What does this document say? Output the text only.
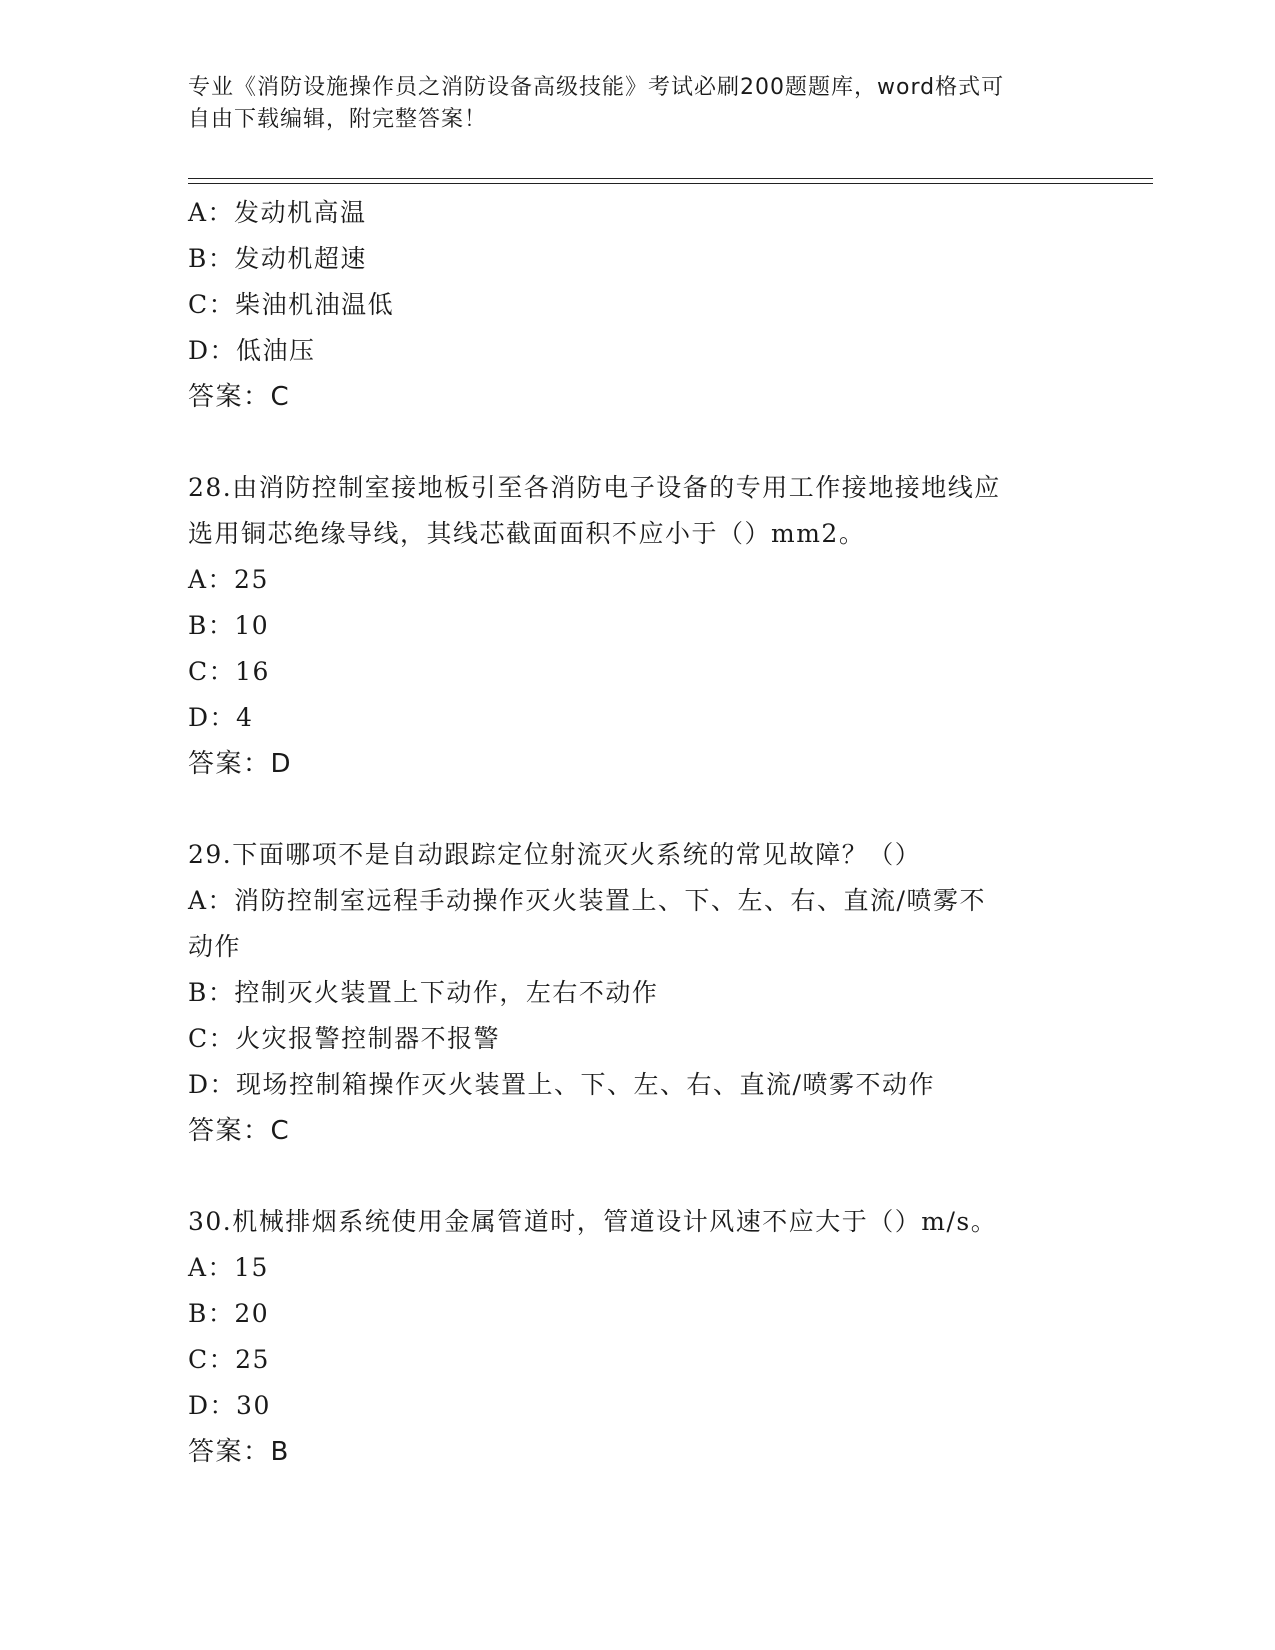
专业《消防设施操作员之消防设备高级技能》考试必刷200题题库，word格式可
自由下载编辑，附完整答案！
A：发动机高温
B：发动机超速
C：柴油机油温低
D：低油压
答案：C
28.由消防控制室接地板引至各消防电子设备的专用工作接地接地线应
选用铜芯绝缘导线，其线芯截面面积不应小于（）mm2。
A：25
B：10
C：16
D：4
答案：D
29.下面哪项不是自动跟踪定位射流灭火系统的常见故障？（）
A：消防控制室远程手动操作灭火装置上、下、左、右、直流/喷雾不
动作
B：控制灭火装置上下动作，左右不动作
C：火灾报警控制器不报警
D：现场控制箱操作灭火装置上、下、左、右、直流/喷雾不动作
答案：C
30.机械排烟系统使用金属管道时，管道设计风速不应大于（）m/s。
A：15
B：20
C：25
D：30
答案：B
